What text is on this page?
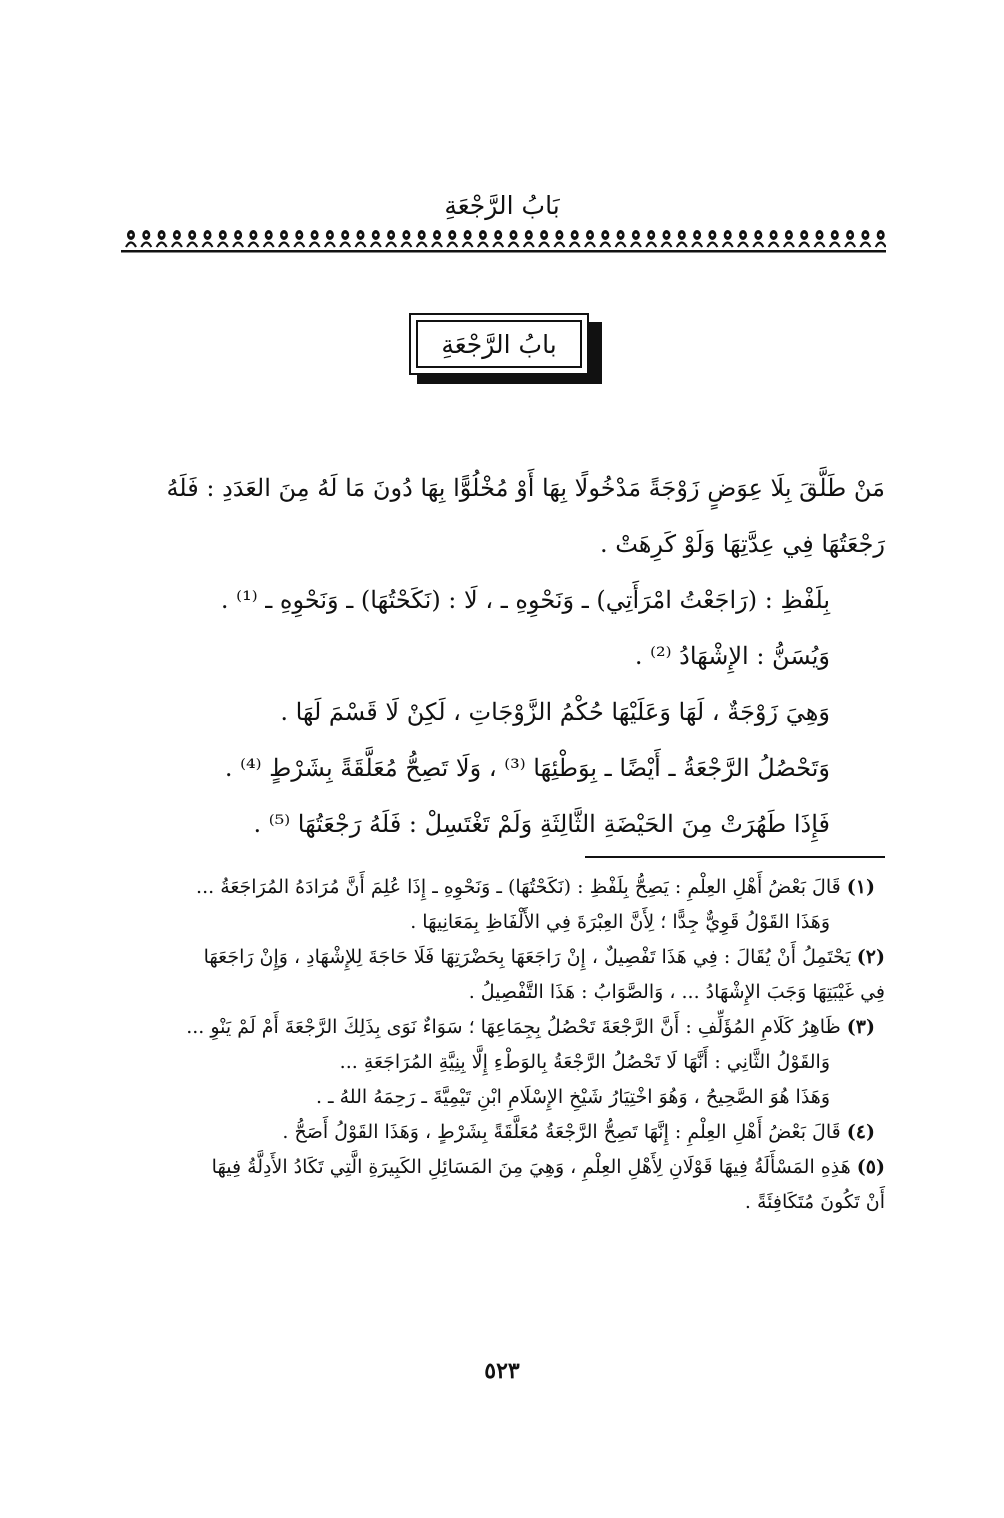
بَابُ الرَّجْعَةِ
بابُ الرَّجْعَةِ

مَنْ طَلَّقَ بِلَا عِوَضٍ زَوْجَةً مَدْخُولًا بِهَا أَوْ مُخْلُوًّا بِهَا دُونَ مَا لَهُ مِنَ العَدَدِ : فَلَهُ

رَجْعَتُهَا فِي عِدَّتِهَا وَلَوْ كَرِهَتْ .

بِلَفْظِ : (رَاجَعْتُ امْرَأَتِي) ـ وَنَحْوِهِ ـ ، لَا : (نَكَحْتُهَا) ـ وَنَحْوِهِ ـ ⁽¹⁾ .

وَيُسَنُّ : الإِشْهَادُ ⁽²⁾ .

وَهِيَ زَوْجَةٌ ، لَهَا وَعَلَيْهَا حُكْمُ الزَّوْجَاتِ ، لَكِنْ لَا قَسْمَ لَهَا .

وَتَحْصُلُ الرَّجْعَةُ ـ أَيْضًا ـ بِوَطْئِهَا ⁽³⁾ ، وَلَا تَصِحُّ مُعَلَّقَةً بِشَرْطٍ ⁽⁴⁾ .

فَإِذَا طَهُرَتْ مِنَ الحَيْضَةِ الثَّالِثَةِ وَلَمْ تَغْتَسِلْ : فَلَهُ رَجْعَتُهَا ⁽⁵⁾ .

(١) قَالَ بَعْضُ أَهْلِ العِلْمِ : يَصِحُّ بِلَفْظِ : (نَكَحْتُهَا) ـ وَنَحْوِهِ ـ إِذَا عُلِمَ أَنَّ مُرَادَهُ المُرَاجَعَةُ ...

وَهَذَا القَوْلُ قَوِيٌّ جِدًّا ؛ لِأَنَّ العِبْرَةَ فِي الأَلْفَاظِ بِمَعَانِيهَا .

(٢) يَحْتَمِلُ أَنْ يُقَالَ : فِي هَذَا تَفْصِيلٌ ، إِنْ رَاجَعَهَا بِحَضْرَتِهَا فَلَا حَاجَةَ لِلإِشْهَادِ ، وَإِنْ رَاجَعَهَا

فِي غَيْبَتِهَا وَجَبَ الإِشْهَادُ ... ، وَالصَّوَابُ : هَذَا التَّفْصِيلُ .

(٣) ظَاهِرُ كَلَامِ المُؤَلِّفِ : أَنَّ الرَّجْعَةَ تَحْصُلُ بِجِمَاعِهَا ؛ سَوَاءٌ نَوَى بِذَلِكَ الرَّجْعَةَ أَمْ لَمْ يَنْوِ ...

وَالقَوْلُ الثَّانِي : أَنَّهَا لَا تَحْصُلُ الرَّجْعَةُ بِالوَطْءِ إِلَّا بِنِيَّةِ المُرَاجَعَةِ ...

وَهَذَا هُوَ الصَّحِيحُ ، وَهُوَ اخْتِيَارُ شَيْخِ الإِسْلَامِ ابْنِ تَيْمِيَّةَ ـ رَحِمَهُ اللهُ ـ .

(٤) قَالَ بَعْضُ أَهْلِ العِلْمِ : إِنَّهَا تَصِحُّ الرَّجْعَةُ مُعَلَّقَةً بِشَرْطٍ ، وَهَذَا القَوْلُ أَصَحُّ .

(٥) هَذِهِ المَسْأَلَةُ فِيهَا قَوْلَانِ لِأَهْلِ العِلْمِ ، وَهِيَ مِنَ المَسَائِلِ الكَبِيرَةِ الَّتِي تَكَادُ الأَدِلَّةُ فِيهَا

أَنْ تَكُونَ مُتَكَافِئَةً .

٥٢٣
